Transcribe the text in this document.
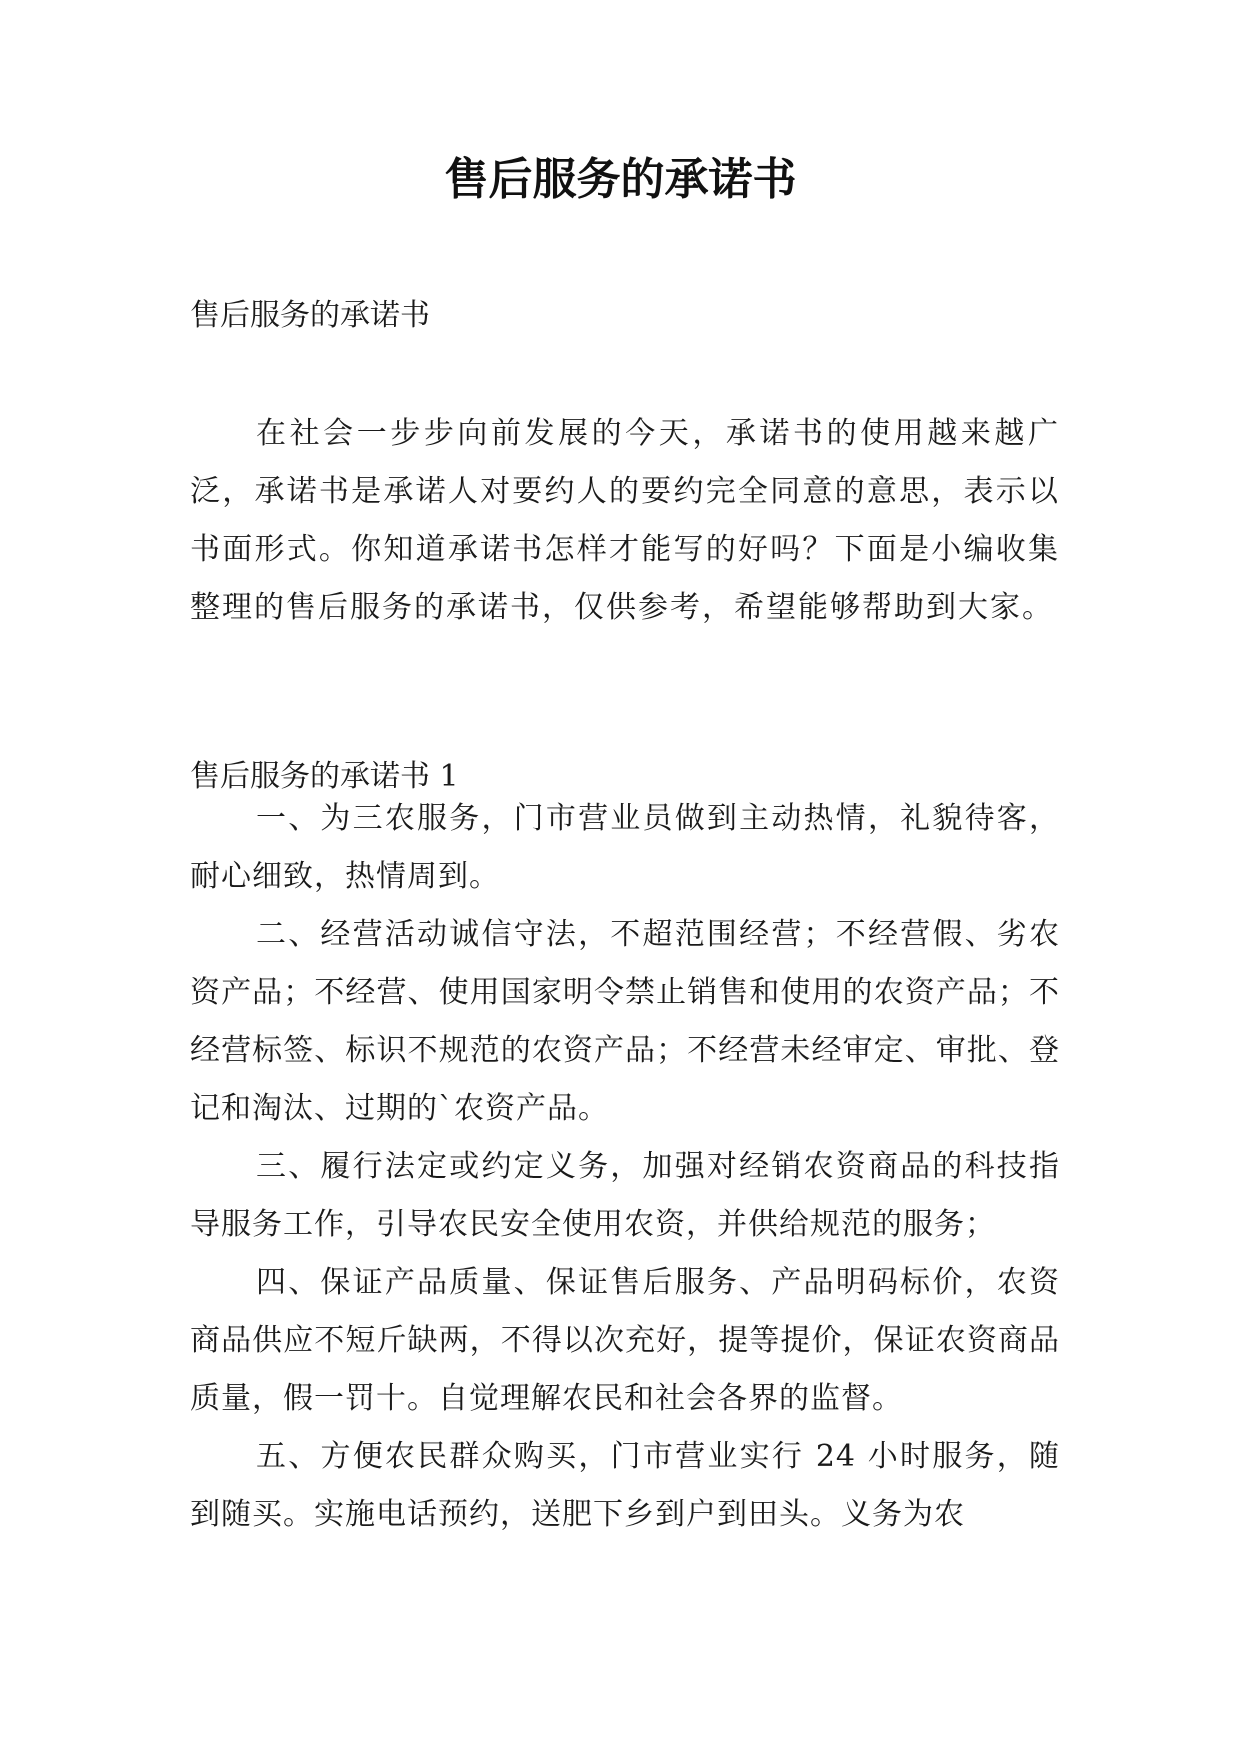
售后服务的承诺书

售后服务的承诺书

在社会一步步向前发展的今天，承诺书的使用越来越广泛，承诺书是承诺人对要约人的要约完全同意的意思，表示以书面形式。你知道承诺书怎样才能写的好吗？下面是小编收集整理的售后服务的承诺书，仅供参考，希望能够帮助到大家。

售后服务的承诺书 1

一、为三农服务，门市营业员做到主动热情，礼貌待客，耐心细致，热情周到。

二、经营活动诚信守法，不超范围经营；不经营假、劣农资产品；不经营、使用国家明令禁止销售和使用的农资产品；不经营标签、标识不规范的农资产品；不经营未经审定、审批、登记和淘汰、过期的`农资产品。

三、履行法定或约定义务，加强对经销农资商品的科技指导服务工作，引导农民安全使用农资，并供给规范的服务；

四、保证产品质量、保证售后服务、产品明码标价，农资商品供应不短斤缺两，不得以次充好，提等提价，保证农资商品质量，假一罚十。自觉理解农民和社会各界的监督。

五、方便农民群众购买，门市营业实行 24 小时服务，随到随买。实施电话预约，送肥下乡到户到田头。义务为农
